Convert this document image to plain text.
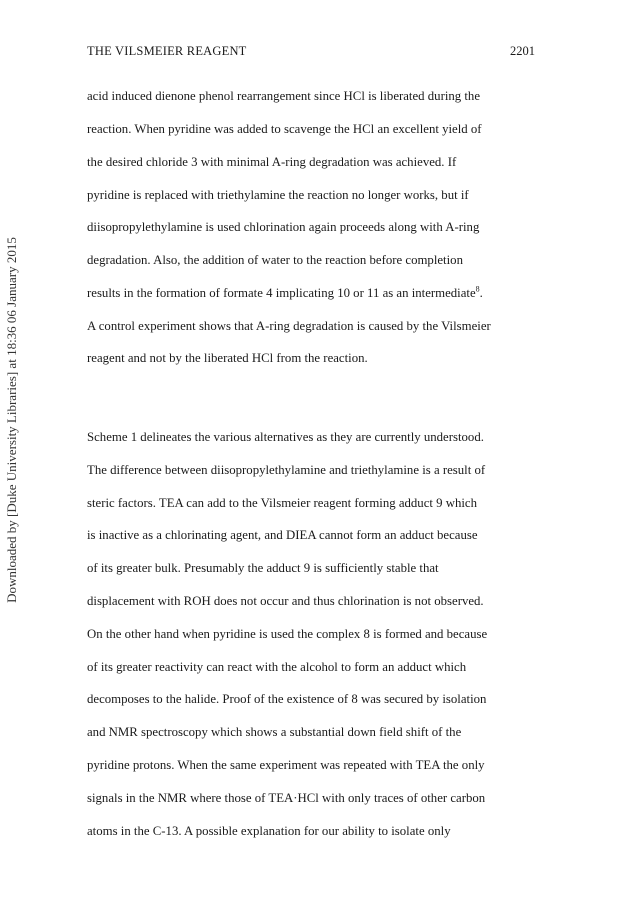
THE VILSMEIER REAGENT	2201
Downloaded by [Duke University Libraries] at 18:36 06 January 2015
acid induced dienone phenol rearrangement since HCl is liberated during the
reaction. When pyridine was added to scavenge the HCl an excellent yield of
the desired chloride 3 with minimal A-ring degradation was achieved. If
pyridine is replaced with triethylamine the reaction no longer works, but if
diisopropylethylamine is used chlorination again proceeds along with A-ring
degradation. Also, the addition of water to the reaction before completion
results in the formation of formate 4 implicating 10 or 11 as an intermediate$^8$.
A control experiment shows that A-ring degradation is caused by the Vilsmeier
reagent and not by the liberated HCl from the reaction.
Scheme 1 delineates the various alternatives as they are currently understood.
The difference between diisopropylethylamine and triethylamine is a result of
steric factors. TEA can add to the Vilsmeier reagent forming adduct 9 which
is inactive as a chlorinating agent, and DIEA cannot form an adduct because
of its greater bulk. Presumably the adduct 9 is sufficiently stable that
displacement with ROH does not occur and thus chlorination is not observed.
On the other hand when pyridine is used the complex 8 is formed and because
of its greater reactivity can react with the alcohol to form an adduct which
decomposes to the halide. Proof of the existence of 8 was secured by isolation
and NMR spectroscopy which shows a substantial down field shift of the
pyridine protons. When the same experiment was repeated with TEA the only
signals in the NMR where those of TEA·HCl with only traces of other carbon
atoms in the C-13. A possible explanation for our ability to isolate only
